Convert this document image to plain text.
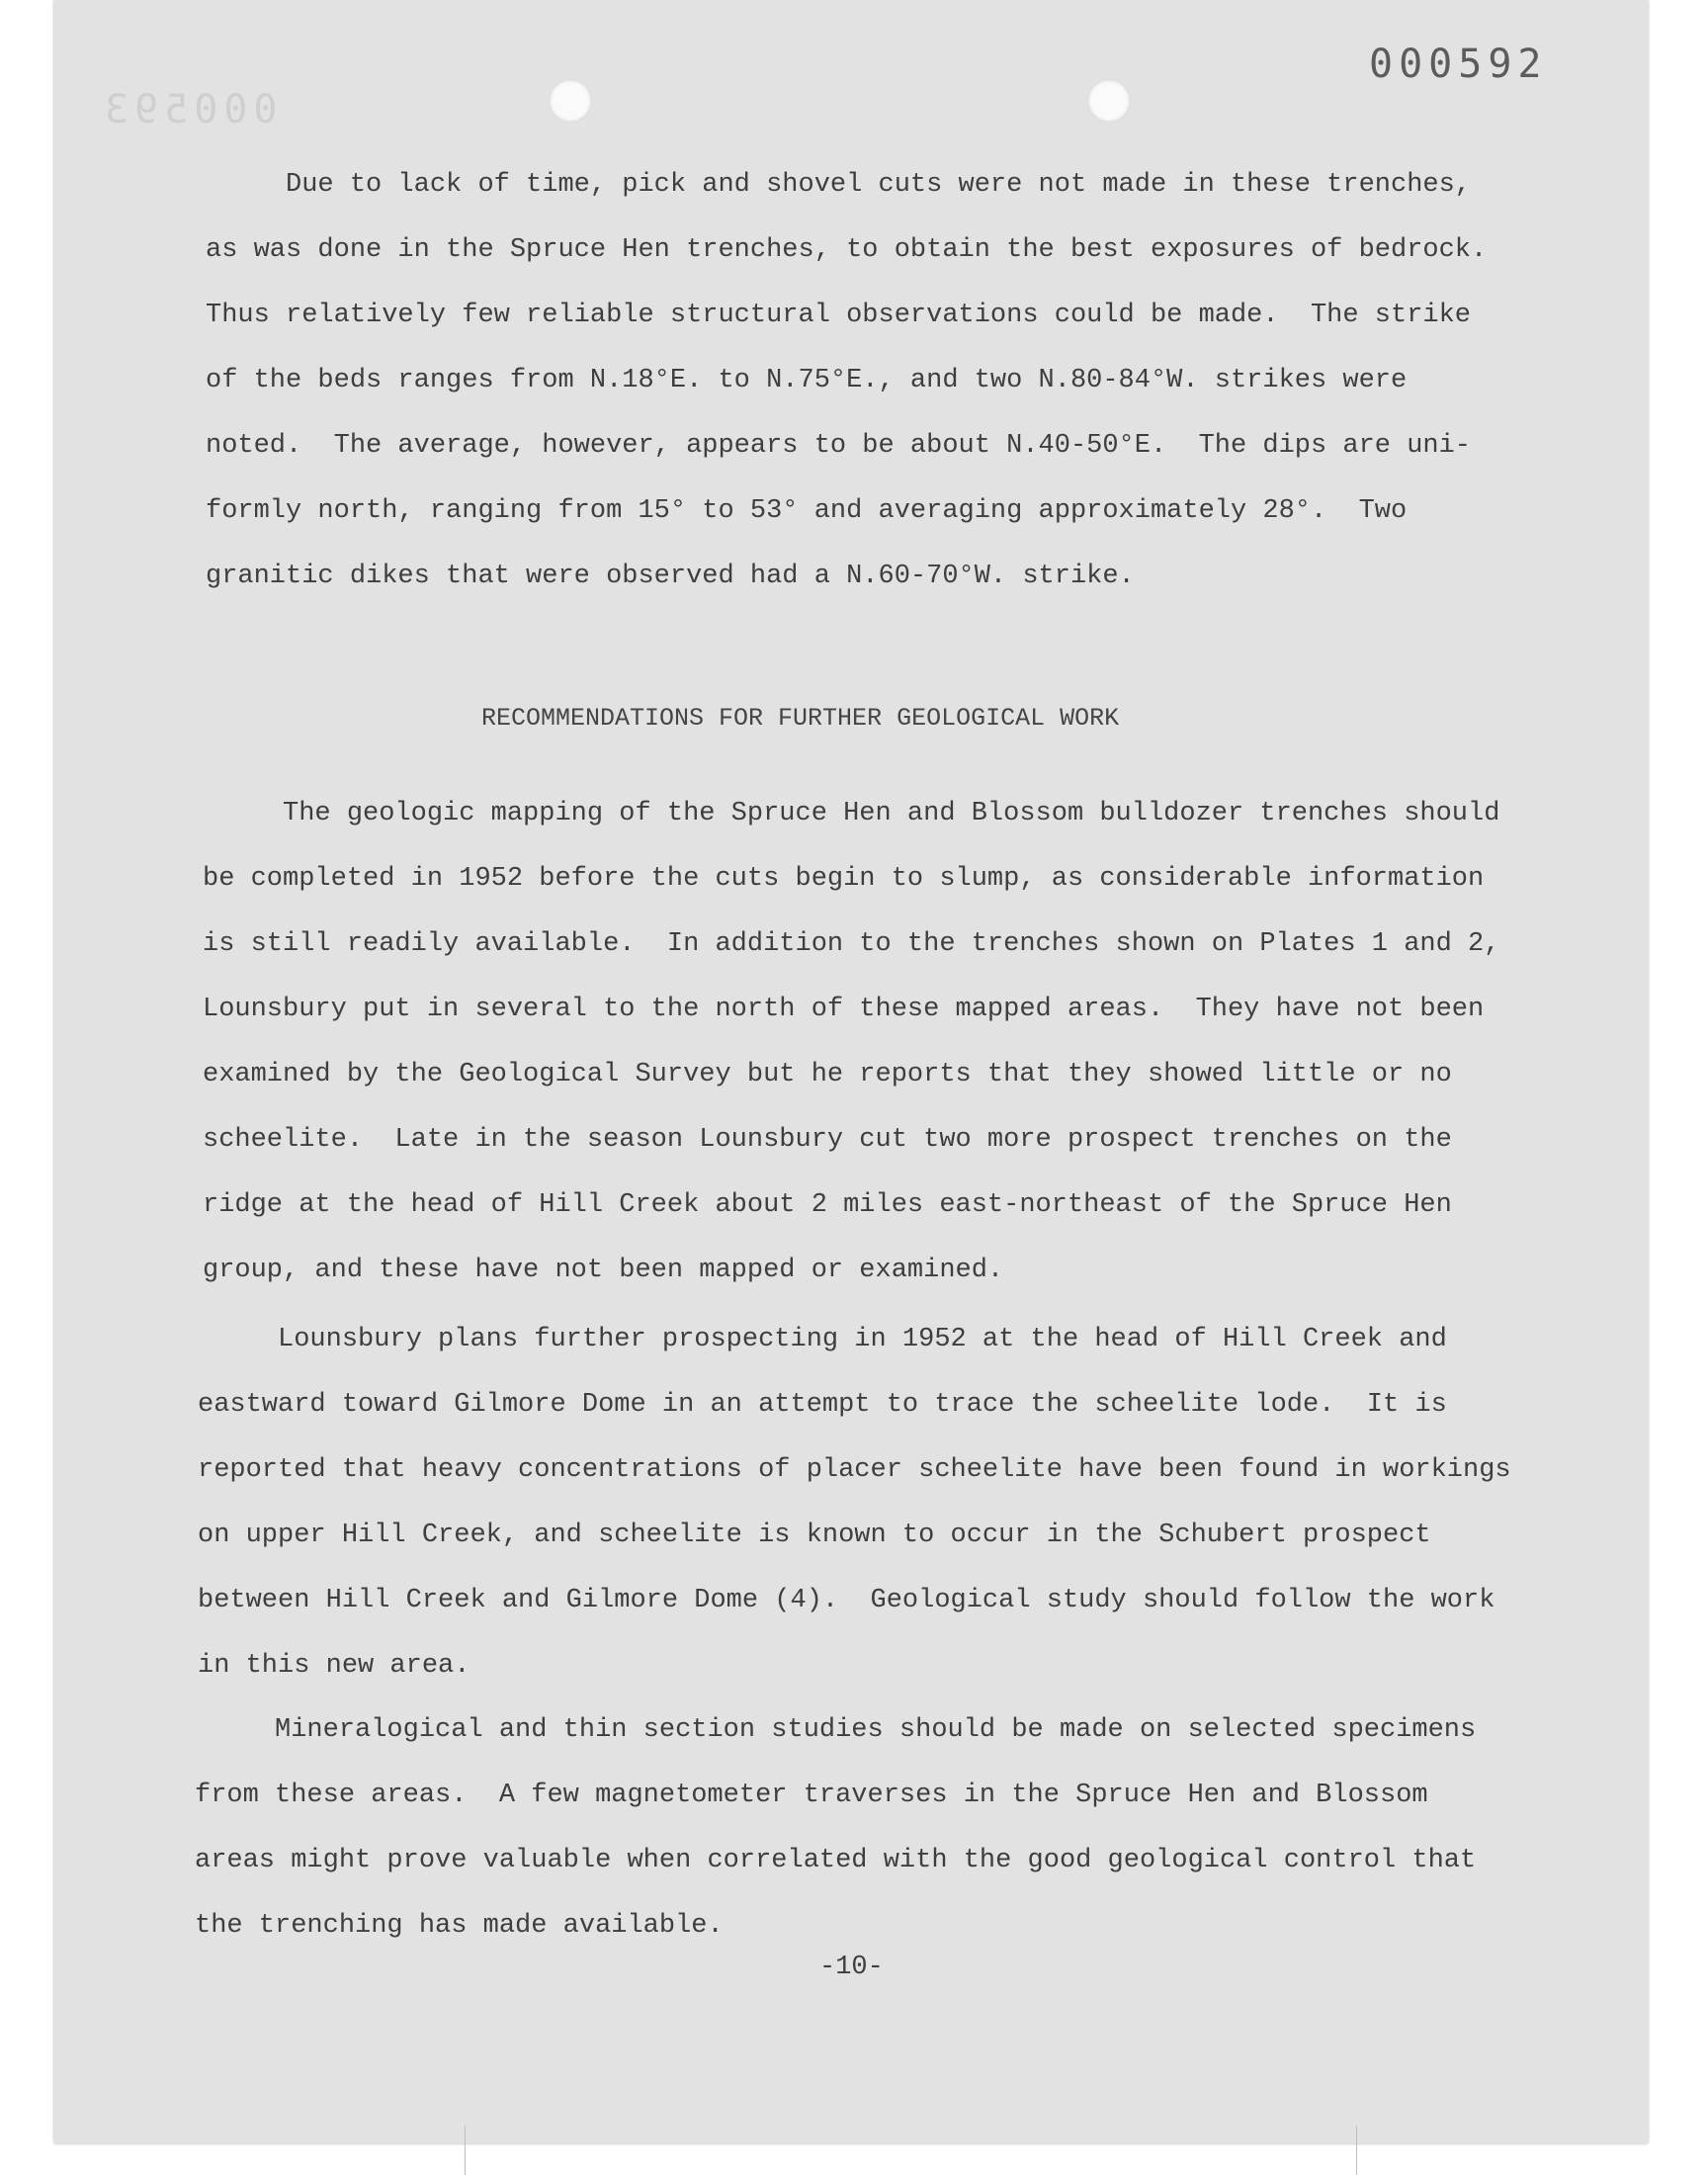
000592
000593

Due to lack of time, pick and shovel cuts were not made in these trenches,

as was done in the Spruce Hen trenches, to obtain the best exposures of bedrock.

Thus relatively few reliable structural observations could be made.  The strike

of the beds ranges from N.18°E. to N.75°E., and two N.80-84°W. strikes were

noted.  The average, however, appears to be about N.40-50°E.  The dips are uni-

formly north, ranging from 15° to 53° and averaging approximately 28°.  Two

granitic dikes that were observed had a N.60-70°W. strike.

RECOMMENDATIONS FOR FURTHER GEOLOGICAL WORK

The geologic mapping of the Spruce Hen and Blossom bulldozer trenches should

be completed in 1952 before the cuts begin to slump, as considerable information

is still readily available.  In addition to the trenches shown on Plates 1 and 2,

Lounsbury put in several to the north of these mapped areas.  They have not been

examined by the Geological Survey but he reports that they showed little or no

scheelite.  Late in the season Lounsbury cut two more prospect trenches on the

ridge at the head of Hill Creek about 2 miles east-northeast of the Spruce Hen

group, and these have not been mapped or examined.

Lounsbury plans further prospecting in 1952 at the head of Hill Creek and

eastward toward Gilmore Dome in an attempt to trace the scheelite lode.  It is

reported that heavy concentrations of placer scheelite have been found in workings

on upper Hill Creek, and scheelite is known to occur in the Schubert prospect

between Hill Creek and Gilmore Dome (4).  Geological study should follow the work

in this new area.

Mineralogical and thin section studies should be made on selected specimens

from these areas.  A few magnetometer traverses in the Spruce Hen and Blossom

areas might prove valuable when correlated with the good geological control that

the trenching has made available.

-10-
